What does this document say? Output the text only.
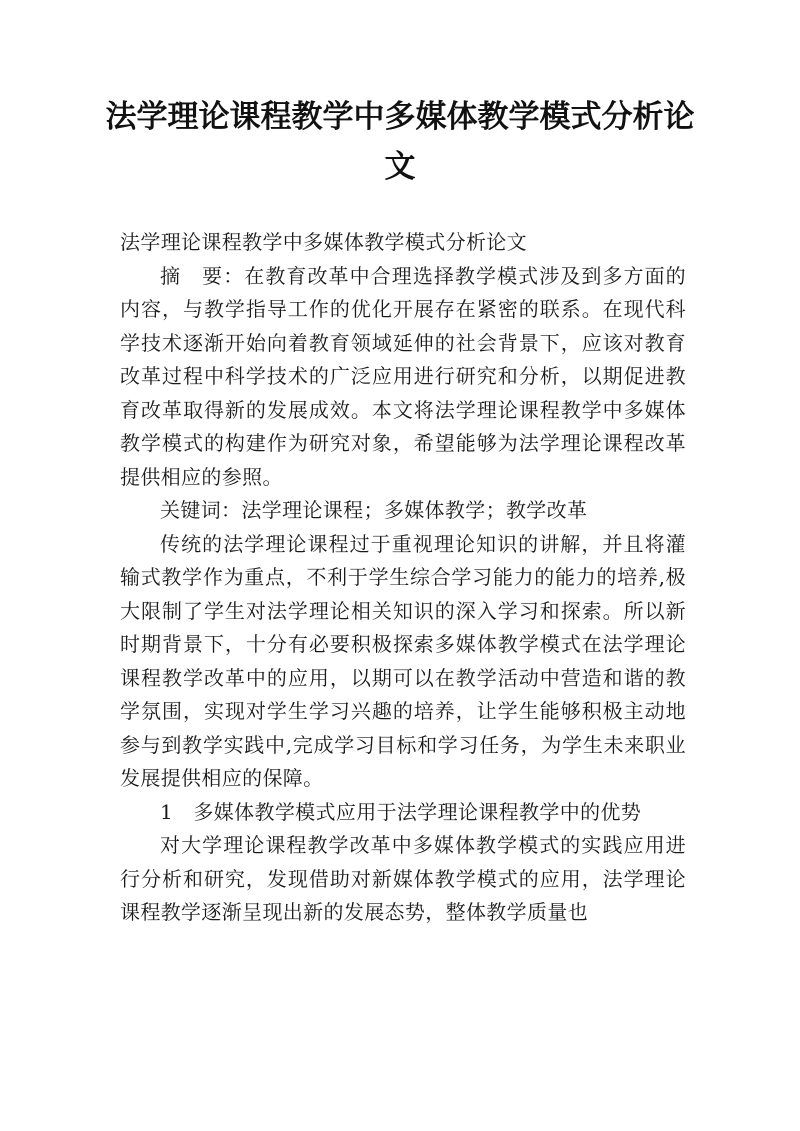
法学理论课程教学中多媒体教学模式分析论文

法学理论课程教学中多媒体教学模式分析论文

摘　要：在教育改革中合理选择教学模式涉及到多方面的内容，与教学指导工作的优化开展存在紧密的联系。在现代科学技术逐渐开始向着教育领域延伸的社会背景下，应该对教育改革过程中科学技术的广泛应用进行研究和分析，以期促进教育改革取得新的发展成效。本文将法学理论课程教学中多媒体教学模式的构建作为研究对象，希望能够为法学理论课程改革提供相应的参照。

关键词：法学理论课程；多媒体教学；教学改革

传统的法学理论课程过于重视理论知识的讲解，并且将灌输式教学作为重点，不利于学生综合学习能力的能力的培养,极大限制了学生对法学理论相关知识的深入学习和探索。所以新时期背景下，十分有必要积极探索多媒体教学模式在法学理论课程教学改革中的应用，以期可以在教学活动中营造和谐的教学氛围，实现对学生学习兴趣的培养，让学生能够积极主动地参与到教学实践中,完成学习目标和学习任务，为学生未来职业发展提供相应的保障。

1　多媒体教学模式应用于法学理论课程教学中的优势

对大学理论课程教学改革中多媒体教学模式的实践应用进行分析和研究，发现借助对新媒体教学模式的应用，法学理论课程教学逐渐呈现出新的发展态势，整体教学质量也
